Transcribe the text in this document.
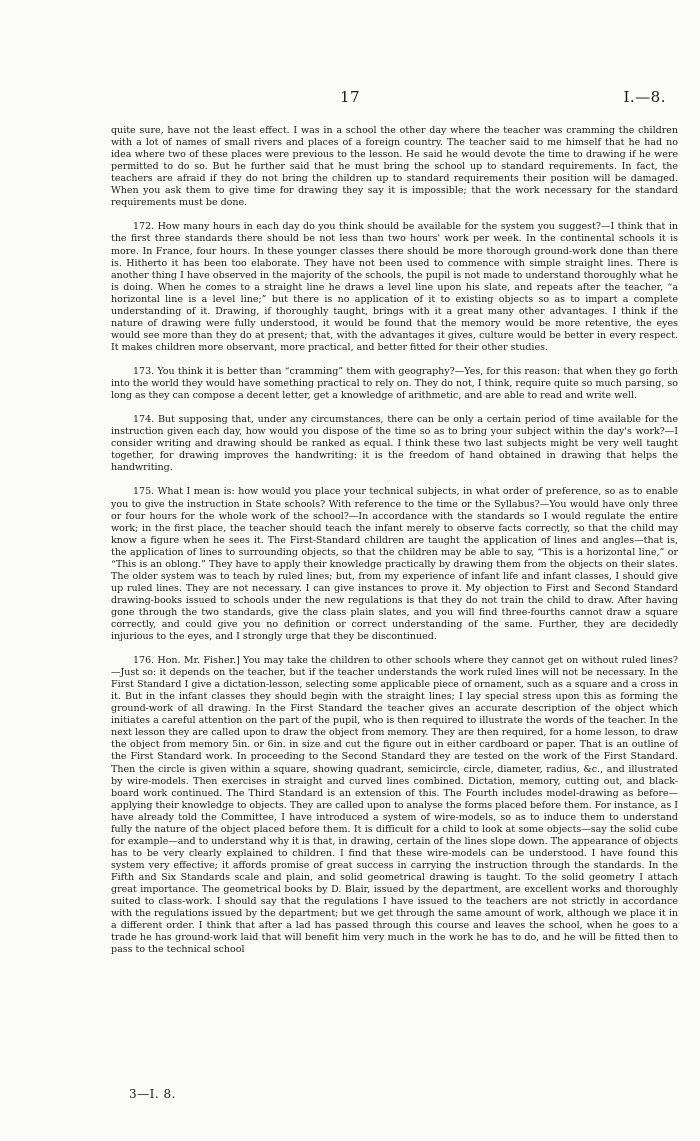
17	I.—8.

quite sure, have not the least effect. I was in a school the other day where the teacher was cramming the children with a lot of names of small rivers and places of a foreign country. The teacher said to me himself that he had no idea where two of these places were previous to the lesson. He said he would devote the time to drawing if he were permitted to do so. But he further said that he must bring the school up to standard requirements. In fact, the teachers are afraid if they do not bring the children up to standard requirements their position will be damaged. When you ask them to give time for drawing they say it is impossible; that the work necessary for the standard requirements must be done.

172. How many hours in each day do you think should be available for the system you suggest?—I think that in the first three standards there should be not less than two hours' work per week. In the continental schools it is more. In France, four hours. In these younger classes there should be more thorough ground-work done than there is. Hitherto it has been too elaborate. They have not been used to commence with simple straight lines. There is another thing I have observed in the majority of the schools, the pupil is not made to understand thoroughly what he is doing. When he comes to a straight line he draws a level line upon his slate, and repeats after the teacher, “a horizontal line is a level line;” but there is no application of it to existing objects so as to impart a complete understanding of it. Drawing, if thoroughly taught, brings with it a great many other advantages. I think if the nature of drawing were fully understood, it would be found that the memory would be more retentive, the eyes would see more than they do at present; that, with the advantages it gives, culture would be better in every respect. It makes children more observant, more practical, and better fitted for their other studies.

173. You think it is better than “cramming” them with geography?—Yes, for this reason: that when they go forth into the world they would have something practical to rely on. They do not, I think, require quite so much parsing, so long as they can compose a decent letter, get a knowledge of arithmetic, and are able to read and write well.

174. But supposing that, under any circumstances, there can be only a certain period of time available for the instruction given each day, how would you dispose of the time so as to bring your subject within the day's work?—I consider writing and drawing should be ranked as equal. I think these two last subjects might be very well taught together, for drawing improves the handwriting: it is the freedom of hand obtained in drawing that helps the handwriting.

175. What I mean is: how would you place your technical subjects, in what order of preference, so as to enable you to give the instruction in State schools? With reference to the time or the Syllabus?—You would have only three or four hours for the whole work of the school?—In accordance with the standards so I would regulate the entire work; in the first place, the teacher should teach the infant merely to observe facts correctly, so that the child may know a figure when he sees it. The First-Standard children are taught the application of lines and angles—that is, the application of lines to surrounding objects, so that the children may be able to say, “This is a horizontal line,” or “This is an oblong.” They have to apply their knowledge practically by drawing them from the objects on their slates. The older system was to teach by ruled lines; but, from my experience of infant life and infant classes, I should give up ruled lines. They are not necessary. I can give instances to prove it. My objection to First and Second Standard drawing-books issued to schools under the new regulations is that they do not train the child to draw. After having gone through the two standards, give the class plain slates, and you will find three-fourths cannot draw a square correctly, and could give you no definition or correct understanding of the same. Further, they are decidedly injurious to the eyes, and I strongly urge that they be discontinued.

176. Hon. Mr. Fisher.] You may take the children to other schools where they cannot get on without ruled lines?—Just so: it depends on the teacher, but if the teacher understands the work ruled lines will not be necessary. In the First Standard I give a dictation-lesson, selecting some applicable piece of ornament, such as a square and a cross in it. But in the infant classes they should begin with the straight lines; I lay special stress upon this as forming the ground-work of all drawing. In the First Standard the teacher gives an accurate description of the object which initiates a careful attention on the part of the pupil, who is then required to illustrate the words of the teacher. In the next lesson they are called upon to draw the object from memory. They are then required, for a home lesson, to draw the object from memory 5in. or 6in. in size and cut the figure out in either cardboard or paper. That is an outline of the First Standard work. In proceeding to the Second Standard they are tested on the work of the First Standard. Then the circle is given within a square, showing quadrant, semicircle, circle, diameter, radius, &c., and illustrated by wire-models. Then exercises in straight and curved lines combined. Dictation, memory, cutting out, and black-board work continued. The Third Standard is an extension of this. The Fourth includes model-drawing as before—applying their knowledge to objects. They are called upon to analyse the forms placed before them. For instance, as I have already told the Committee, I have introduced a system of wire-models, so as to induce them to understand fully the nature of the object placed before them. It is difficult for a child to look at some objects—say the solid cube for example—and to understand why it is that, in drawing, certain of the lines slope down. The appearance of objects has to be very clearly explained to children. I find that these wire-models can be understood. I have found this system very effective; it affords promise of great success in carrying the instruction through the standards. In the Fifth and Six Standards scale and plain, and solid geometrical drawing is taught. To the solid geometry I attach great importance. The geometrical books by D. Blair, issued by the department, are excellent works and thoroughly suited to class-work. I should say that the regulations I have issued to the teachers are not strictly in accordance with the regulations issued by the department; but we get through the same amount of work, although we place it in a different order. I think that after a lad has passed through this course and leaves the school, when he goes to a trade he has ground-work laid that will benefit him very much in the work he has to do, and he will be fitted then to pass to the technical school

3—I. 8.
